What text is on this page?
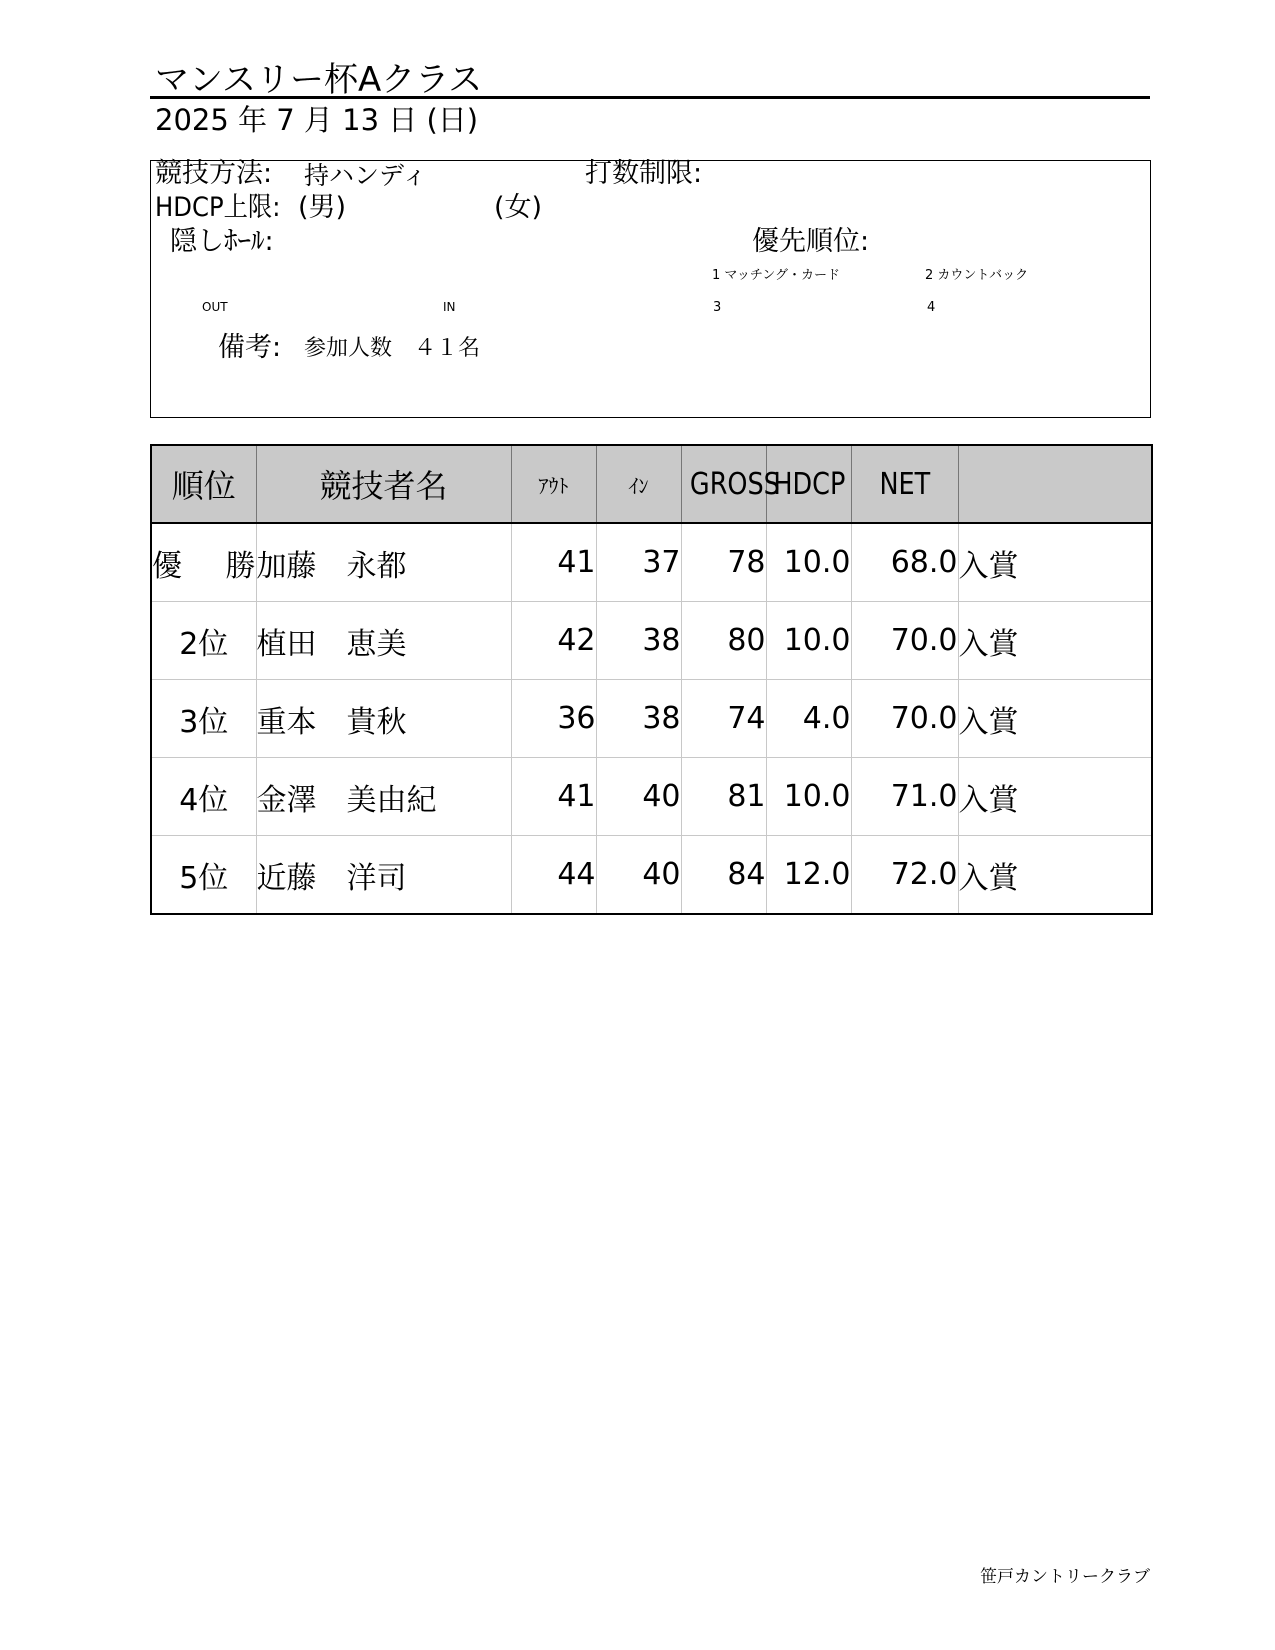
マンスリー杯Aクラス
2025 年 7 月 13 日 (日)
競技方法: 持ハンディ	打数制限:
HDCP上限: (男)	(女)
隠しﾎｰﾙ:	優先順位:
1 マッチング・カード	2 カウントバック
OUT	IN	3	4
備考: 参加人数　４１名
順位	競技者名	ｱｳﾄ	ｲﾝ	GROSS	HDCP	NET	
優　勝	加藤　永都	41	37	78	10.0	68.0	入賞
2位	植田　恵美	42	38	80	10.0	70.0	入賞
3位	重本　貴秋	36	38	74	4.0	70.0	入賞
4位	金澤　美由紀	41	40	81	10.0	71.0	入賞
5位	近藤　洋司	44	40	84	12.0	72.0	入賞
笹戸カントリークラブ
